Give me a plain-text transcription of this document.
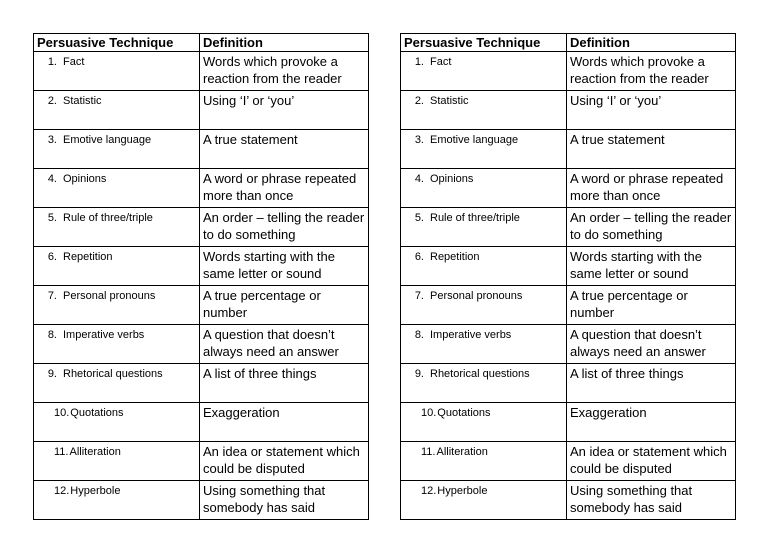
Persuasive Technique	Definition
1. Fact	Words which provoke a reaction from the reader
2. Statistic	Using ‘I’ or ‘you’
3. Emotive language	A true statement
4. Opinions	A word or phrase repeated more than once
5. Rule of three/triple	An order – telling the reader to do something
6. Repetition	Words starting with the same letter or sound
7. Personal pronouns	A true percentage or number
8. Imperative verbs	A question that doesn’t always need an answer
9. Rhetorical questions	A list of three things
10.Quotations	Exaggeration
11.Alliteration	An idea or statement which could be disputed
12.Hyperbole	Using something that somebody has said
Persuasive Technique	Definition
1. Fact	Words which provoke a reaction from the reader
2. Statistic	Using ‘I’ or ‘you’
3. Emotive language	A true statement
4. Opinions	A word or phrase repeated more than once
5. Rule of three/triple	An order – telling the reader to do something
6. Repetition	Words starting with the same letter or sound
7. Personal pronouns	A true percentage or number
8. Imperative verbs	A question that doesn’t always need an answer
9. Rhetorical questions	A list of three things
10.Quotations	Exaggeration
11.Alliteration	An idea or statement which could be disputed
12.Hyperbole	Using something that somebody has said
